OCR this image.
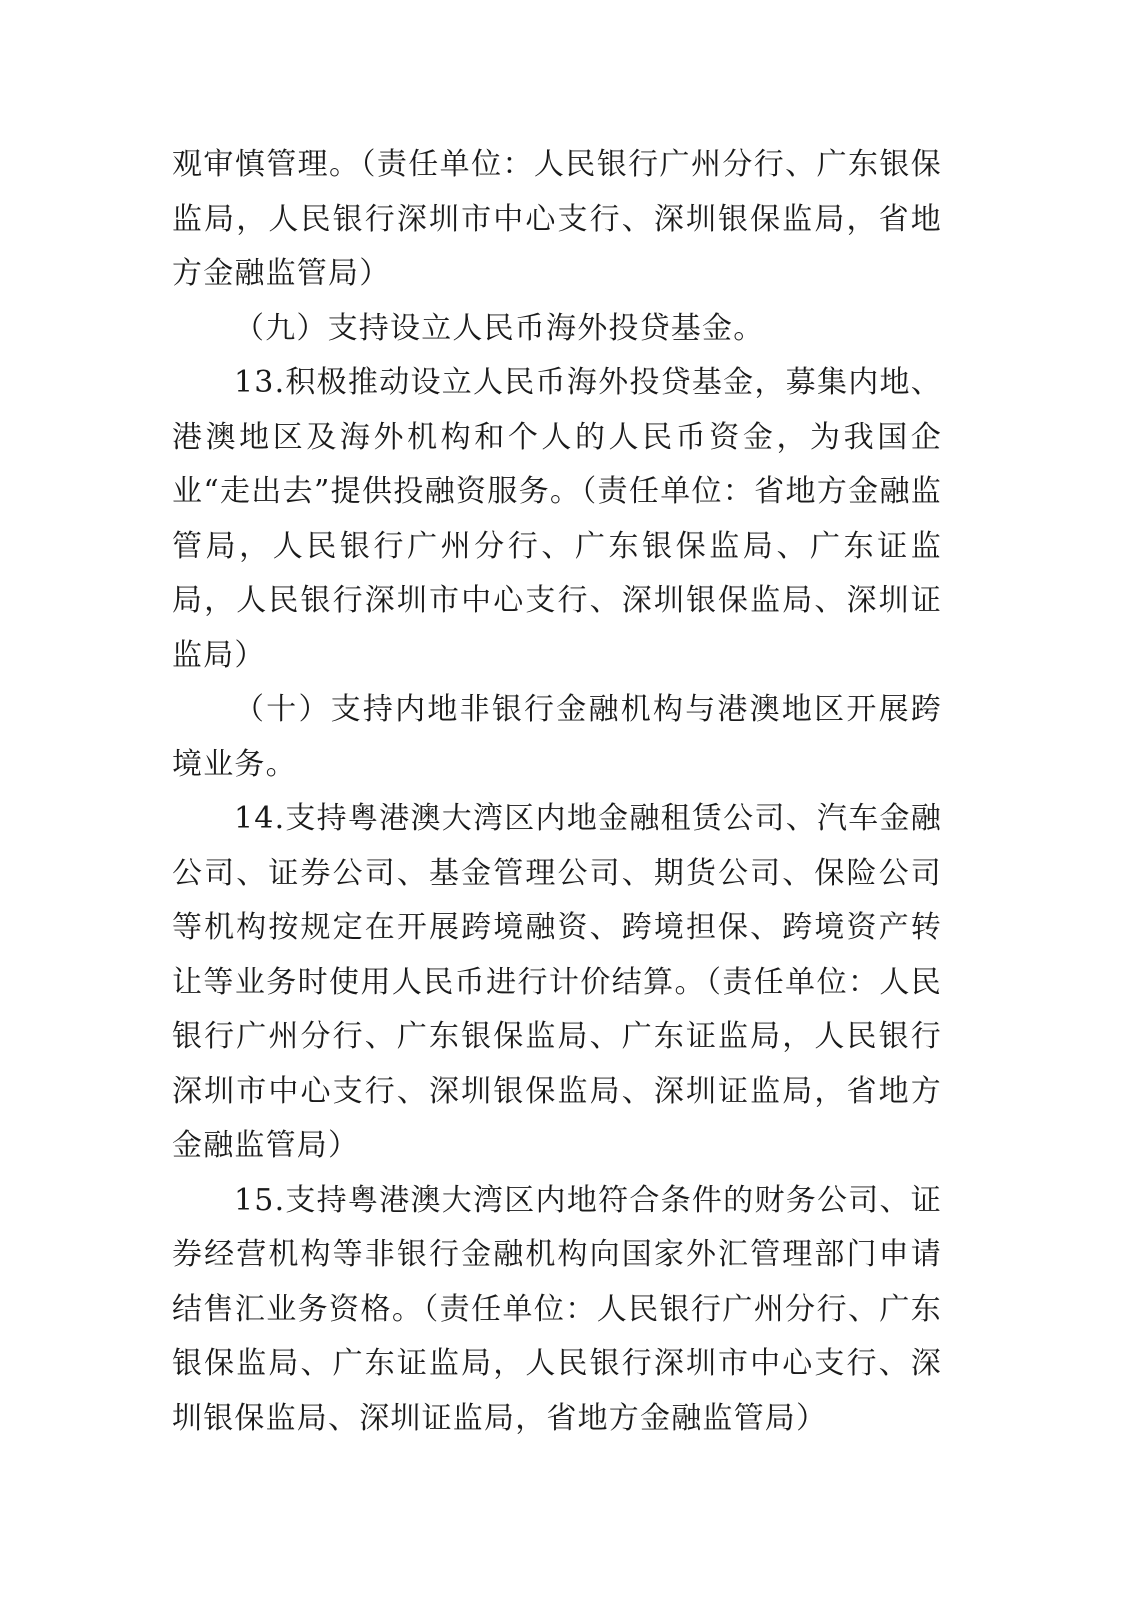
观审慎管理。（责任单位：人民银行广州分行、广东银保监局，人民银行深圳市中心支行、深圳银保监局，省地方金融监管局）

（九）支持设立人民币海外投贷基金。

13.积极推动设立人民币海外投贷基金，募集内地、港澳地区及海外机构和个人的人民币资金，为我国企业“走出去”提供投融资服务。（责任单位：省地方金融监管局，人民银行广州分行、广东银保监局、广东证监局，人民银行深圳市中心支行、深圳银保监局、深圳证监局）

（十）支持内地非银行金融机构与港澳地区开展跨境业务。

14.支持粤港澳大湾区内地金融租赁公司、汽车金融公司、证券公司、基金管理公司、期货公司、保险公司等机构按规定在开展跨境融资、跨境担保、跨境资产转让等业务时使用人民币进行计价结算。（责任单位：人民银行广州分行、广东银保监局、广东证监局，人民银行深圳市中心支行、深圳银保监局、深圳证监局，省地方金融监管局）

15.支持粤港澳大湾区内地符合条件的财务公司、证券经营机构等非银行金融机构向国家外汇管理部门申请结售汇业务资格。（责任单位：人民银行广州分行、广东银保监局、广东证监局，人民银行深圳市中心支行、深圳银保监局、深圳证监局，省地方金融监管局）
